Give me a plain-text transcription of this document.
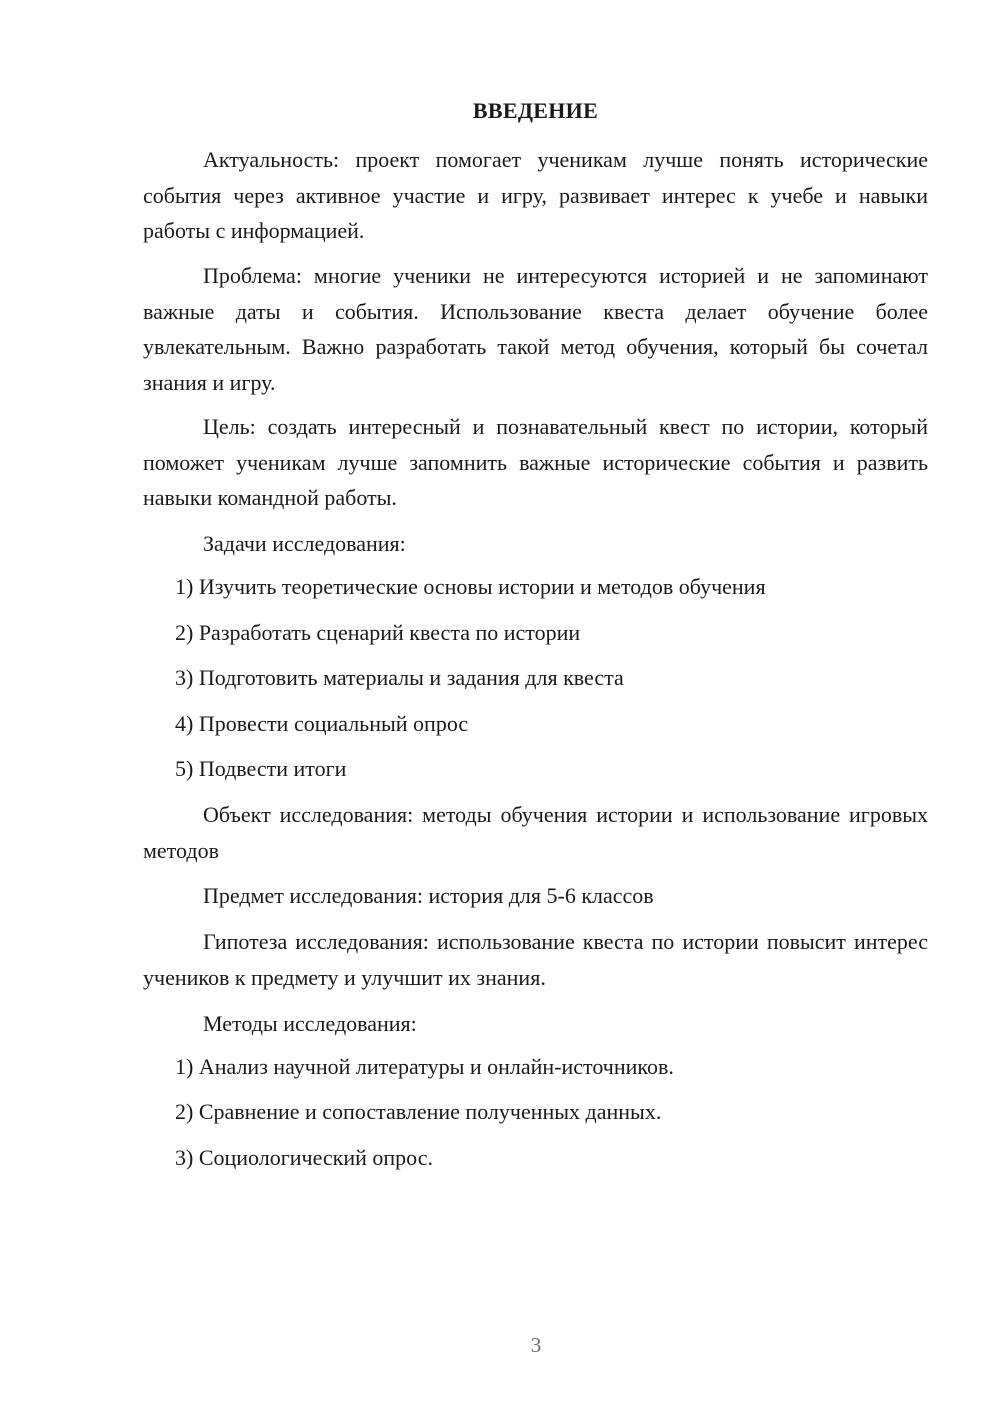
ВВЕДЕНИЕ

Актуальность: проект помогает ученикам лучше понять исторические события через активное участие и игру, развивает интерес к учебе и навыки работы с информацией.

Проблема: многие ученики не интересуются историей и не запоминают важные даты и события. Использование квеста делает обучение более увлекательным. Важно разработать такой метод обучения, который бы сочетал знания и игру.

Цель: создать интересный и познавательный квест по истории, который поможет ученикам лучше запомнить важные исторические события и развить навыки командной работы.

Задачи исследования:

1) Изучить теоретические основы истории и методов обучения
2) Разработать сценарий квеста по истории
3) Подготовить материалы и задания для квеста
4) Провести социальный опрос
5) Подвести итоги

Объект исследования: методы обучения истории и использование игровых методов

Предмет исследования: история для 5-6 классов

Гипотеза исследования: использование квеста по истории повысит интерес учеников к предмету и улучшит их знания.

Методы исследования:

1) Анализ научной литературы и онлайн-источников.
2) Сравнение и сопоставление полученных данных.
3) Социологический опрос.
3
